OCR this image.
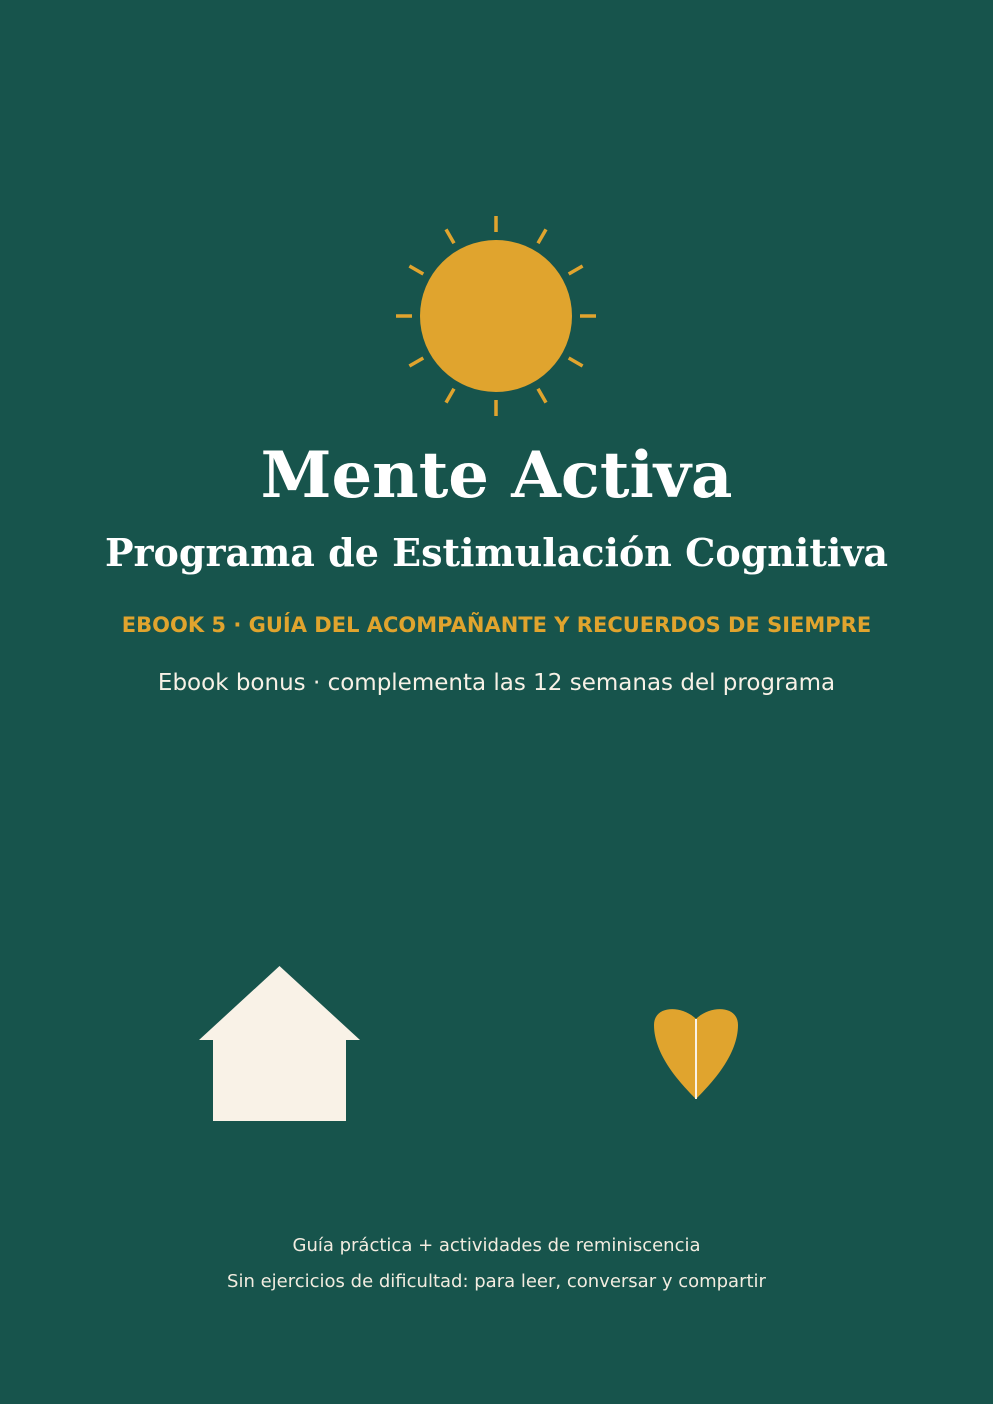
Mente Activa
Programa de Estimulación Cognitiva

EBOOK 5 · GUÍA DEL ACOMPAÑANTE Y RECUERDOS DE SIEMPRE

Ebook bonus · complementa las 12 semanas del programa

Guía práctica + actividades de reminiscencia

Sin ejercicios de dificultad: para leer, conversar y compartir
